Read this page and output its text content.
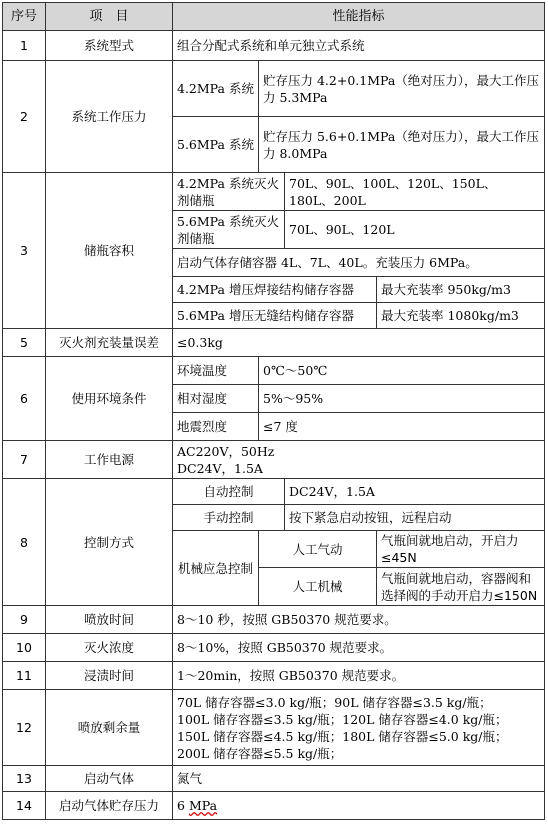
序号	项　目	性能指标			
1	系统型式	组合分配式系统和单元独立式系统			
2	系统工作压力	4.2MPa 系统	贮存压力 4.2+0.1MPa（绝对压力），最大工作压力 5.3MPa		
		5.6MPa 系统	贮存压力 5.6+0.1MPa（绝对压力），最大工作压力 8.0MPa		
3	储瓶容积	4.2MPa 系统灭火剂储瓶		70L、90L、100L、120L、150L、180L、200L	
		5.6MPa 系统灭火剂储瓶		70L、90L、120L	
		启动气体存储容器 4L、7L、40L。充装压力 6MPa。			
		4.2MPa 增压焊接结构储存容器			最大充装率 950kg/m3
		5.6MPa 增压无缝结构储存容器			最大充装率 1080kg/m3
5	灭火剂充装量误差	≤0.3kg			
6	使用环境条件	环境温度	0℃～50℃		
		相对湿度	5%～95%		
		地震烈度	≤7 度		
7	工作电源	AC220V，50Hz
DC24V，1.5A			

8	控制方式	自动控制		DC24V，1.5A	
		手动控制		按下紧急启动按钮，远程启动	
		机械应急控制	人工气动		气瓶间就地启动，开启力≤45N
			人工机械		气瓶间就地启动，容器阀和选择阀的手动开启力≤150N
9	喷放时间	8～10 秒，按照 GB50370 规范要求。			
10	灭火浓度	8～10%，按照 GB50370 规范要求。			
11	浸渍时间	1～20min，按照 GB50370 规范要求。			
12	喷放剩余量	70L 储存容器≤3.0 kg/瓶；90L 储存容器≤3.5 kg/瓶；
100L 储存容器≤3.5 kg/瓶；120L 储存容器≤4.0 kg/瓶；
150L 储存容器≤4.5 kg/瓶；180L 储存容器≤5.0 kg/瓶；
200L 储存容器≤5.5 kg/瓶；			

13	启动气体	氮气			
14	启动气体贮存压力	6 MPa			
